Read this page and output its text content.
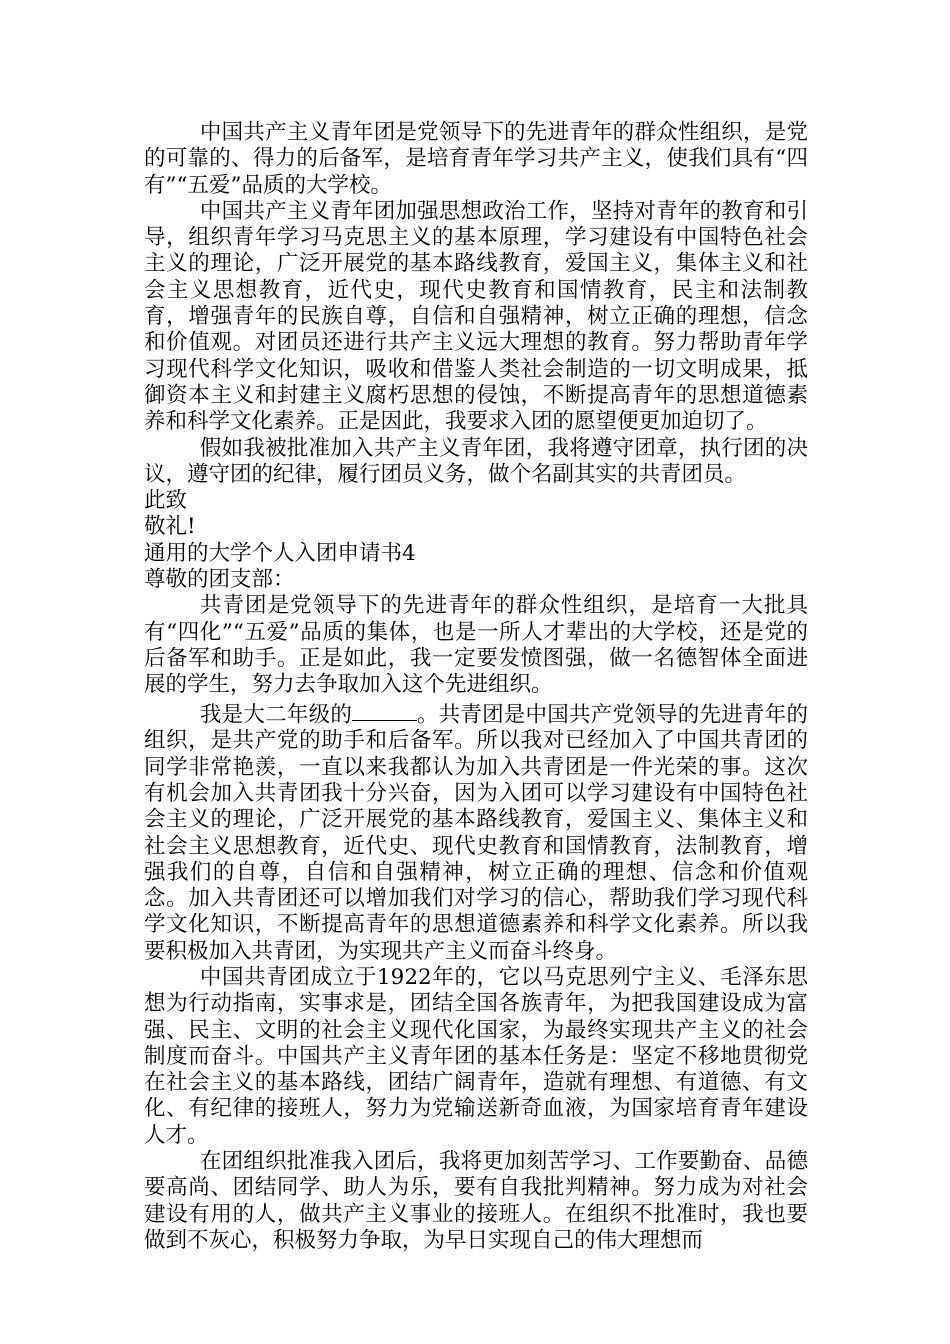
中国共产主义青年团是党领导下的先进青年的群众性组织，是党的可靠的、得力的后备军，是培育青年学习共产主义，使我们具有“四有”“五爱”品质的大学校。

中国共产主义青年团加强思想政治工作，坚持对青年的教育和引导，组织青年学习马克思主义的基本原理，学习建设有中国特色社会主义的理论，广泛开展党的基本路线教育，爱国主义，集体主义和社会主义思想教育，近代史，现代史教育和国情教育，民主和法制教育，增强青年的民族自尊，自信和自强精神，树立正确的理想，信念和价值观。对团员还进行共产主义远大理想的教育。努力帮助青年学习现代科学文化知识，吸收和借鉴人类社会制造的一切文明成果，抵御资本主义和封建主义腐朽思想的侵蚀，不断提高青年的思想道德素养和科学文化素养。正是因此，我要求入团的愿望便更加迫切了。

假如我被批准加入共产主义青年团，我将遵守团章，执行团的决议，遵守团的纪律，履行团员义务，做个名副其实的共青团员。

此致

敬礼!

通用的大学个人入团申请书4

尊敬的团支部：

共青团是党领导下的先进青年的群众性组织，是培育一大批具有“四化”“五爱”品质的集体，也是一所人才辈出的大学校，还是党的后备军和助手。正是如此，我一定要发愤图强，做一名德智体全面进展的学生，努力去争取加入这个先进组织。

我是大二年级的	。共青团是中国共产党领导的先进青年的组织，是共产党的助手和后备军。所以我对已经加入了中国共青团的同学非常艳羡，一直以来我都认为加入共青团是一件光荣的事。这次有机会加入共青团我十分兴奋，因为入团可以学习建设有中国特色社会主义的理论，广泛开展党的基本路线教育，爱国主义、集体主义和社会主义思想教育，近代史、现代史教育和国情教育，法制教育，增强我们的自尊，自信和自强精神，树立正确的理想、信念和价值观念。加入共青团还可以增加我们对学习的信心，帮助我们学习现代科学文化知识，不断提高青年的思想道德素养和科学文化素养。所以我要积极加入共青团，为实现共产主义而奋斗终身。

中国共青团成立于1922年的，它以马克思列宁主义、毛泽东思想为行动指南，实事求是，团结全国各族青年，为把我国建设成为富强、民主、文明的社会主义现代化国家，为最终实现共产主义的社会制度而奋斗。中国共产主义青年团的基本任务是：坚定不移地贯彻党在社会主义的基本路线，团结广阔青年，造就有理想、有道德、有文化、有纪律的接班人，努力为党输送新奇血液，为国家培育青年建设人才。

在团组织批准我入团后，我将更加刻苦学习、工作要勤奋、品德要高尚、团结同学、助人为乐，要有自我批判精神。努力成为对社会建设有用的人，做共产主义事业的接班人。在组织不批准时，我也要做到不灰心，积极努力争取，为早日实现自己的伟大理想而
